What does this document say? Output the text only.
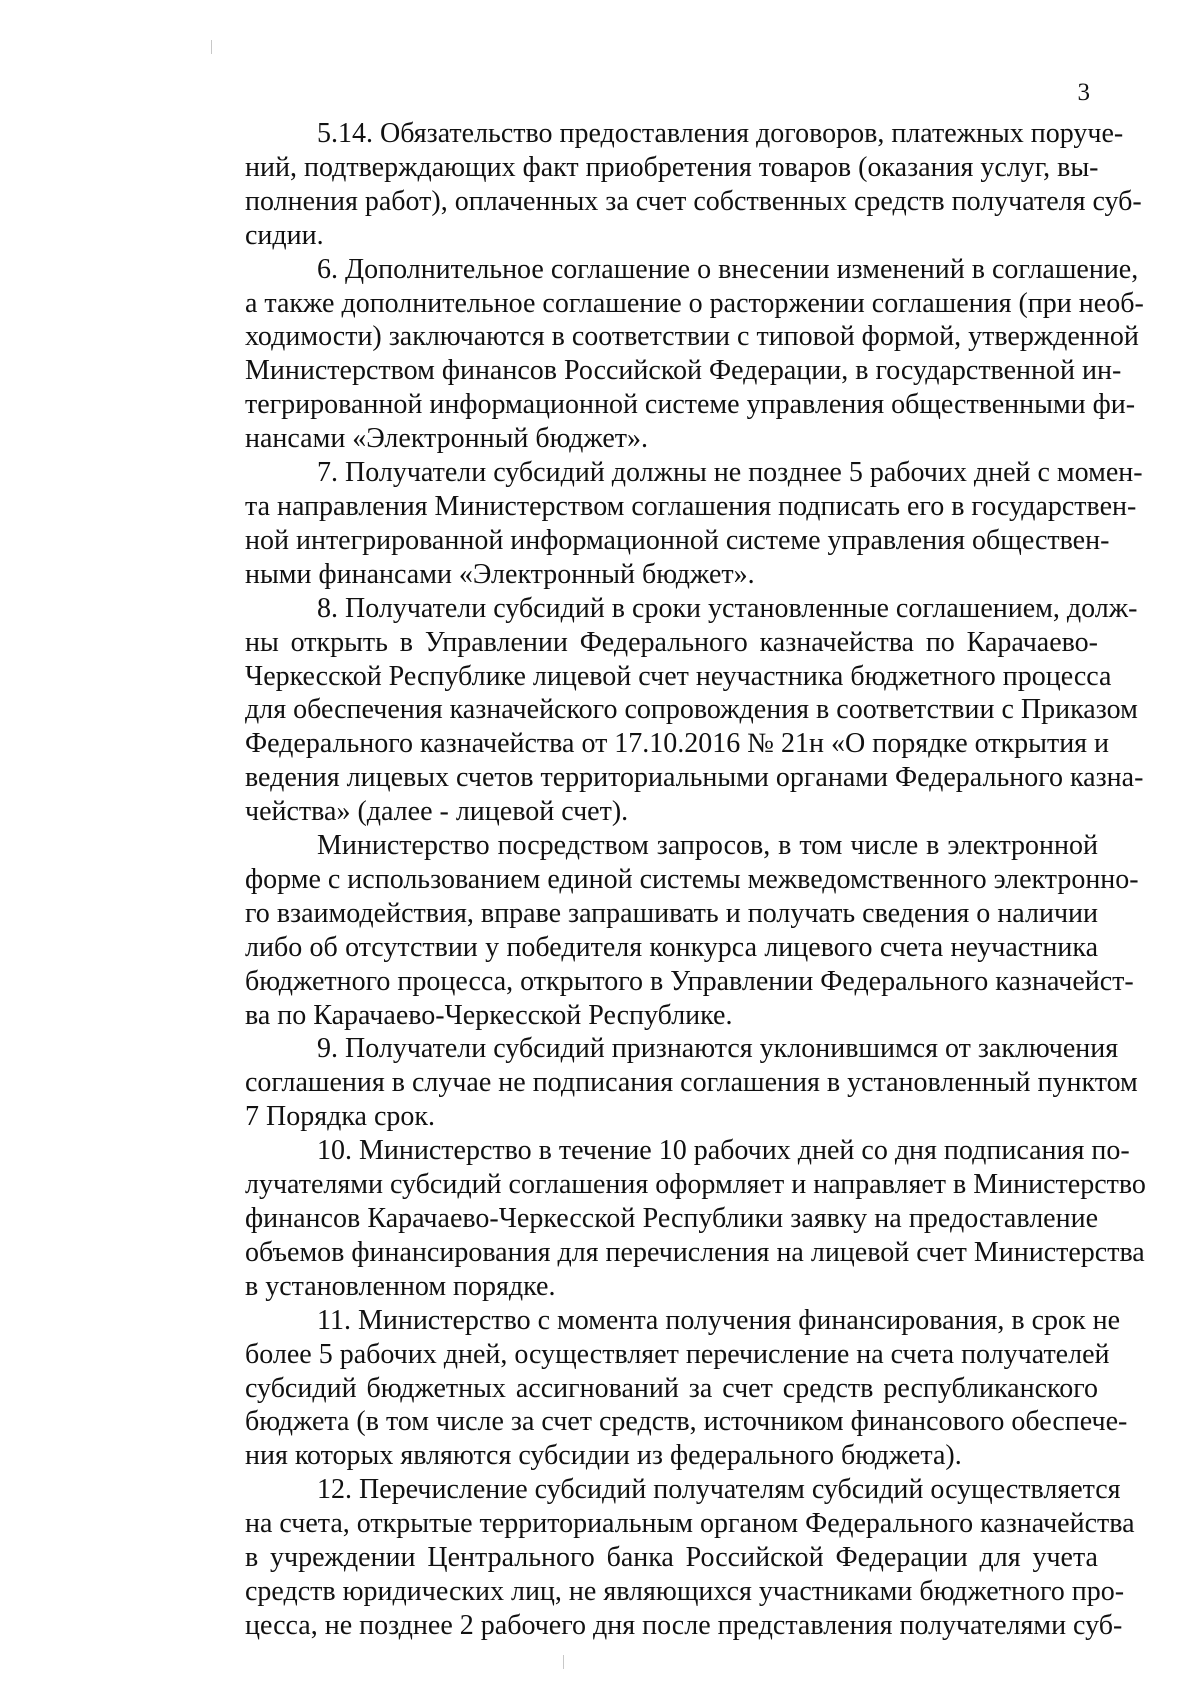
3
5.14. Обязательство предоставления договоров, платежных поруче-
ний, подтверждающих факт приобретения товаров (оказания услуг, вы-
полнения работ), оплаченных за счет собственных средств получателя суб-
сидии.
6. Дополнительное соглашение о внесении изменений в соглашение,
а также дополнительное соглашение о расторжении соглашения (при необ-
ходимости) заключаются в соответствии с типовой формой, утвержденной
Министерством финансов Российской Федерации, в государственной ин-
тегрированной информационной системе управления общественными фи-
нансами «Электронный бюджет».
7. Получатели субсидий должны не позднее 5 рабочих дней с момен-
та направления Министерством соглашения подписать его в государствен-
ной интегрированной информационной системе управления обществен-
ными финансами «Электронный бюджет».
8. Получатели субсидий в сроки установленные соглашением, долж-
ны открыть в Управлении Федерального казначейства по Карачаево-
Черкесской Республике лицевой счет неучастника бюджетного процесса
для обеспечения казначейского сопровождения в соответствии с Приказом
Федерального казначейства от 17.10.2016 № 21н «О порядке открытия и
ведения лицевых счетов территориальными органами Федерального казна-
чейства» (далее - лицевой счет).
Министерство посредством запросов, в том числе в электронной
форме с использованием единой системы межведомственного электронно-
го взаимодействия, вправе запрашивать и получать сведения о наличии
либо об отсутствии у победителя конкурса лицевого счета неучастника
бюджетного процесса, открытого в Управлении Федерального казначейст-
ва по Карачаево-Черкесской Республике.
9. Получатели субсидий признаются уклонившимся от заключения
соглашения в случае не подписания соглашения в установленный пунктом
7 Порядка срок.
10. Министерство в течение 10 рабочих дней со дня подписания по-
лучателями субсидий соглашения оформляет и направляет в Министерство
финансов Карачаево-Черкесской Республики заявку на предоставление
объемов финансирования для перечисления на лицевой счет Министерства
в установленном порядке.
11. Министерство с момента получения финансирования, в срок не
более 5 рабочих дней, осуществляет перечисление на счета получателей
субсидий бюджетных ассигнований за счет средств республиканского
бюджета (в том числе за счет средств, источником финансового обеспече-
ния которых являются субсидии из федерального бюджета).
12. Перечисление субсидий получателям субсидий осуществляется
на счета, открытые территориальным органом Федерального казначейства
в учреждении Центрального банка Российской Федерации для учета
средств юридических лиц, не являющихся участниками бюджетного про-
цесса, не позднее 2 рабочего дня после представления получателями суб-
